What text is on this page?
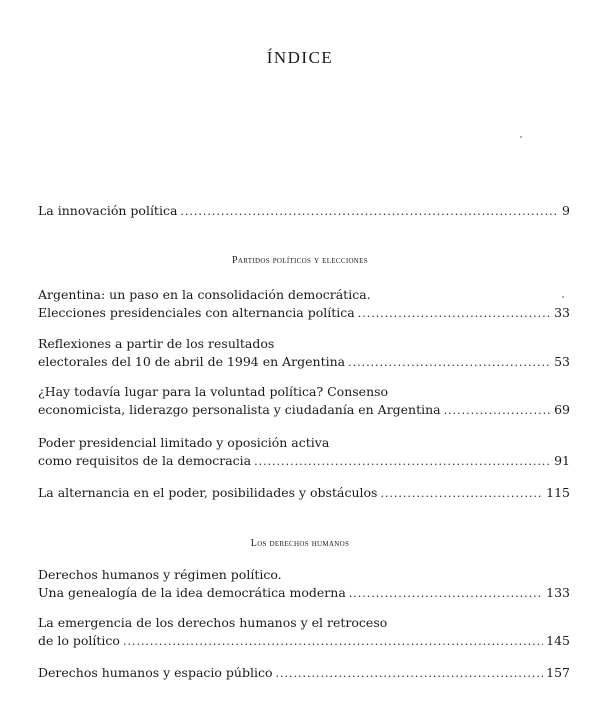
ÍNDICE
La innovación política .....	9
Partidos políticos y elecciones
Argentina: un paso en la consolidación democrática.
Elecciones presidenciales con alternancia política .....	33
Reflexiones a partir de los resultados
electorales del 10 de abril de 1994 en Argentina .....	53
¿Hay todavía lugar para la voluntad política? Consenso
economicista, liderazgo personalista y ciudadanía en Argentina .....	69
Poder presidencial limitado y oposición activa
como requisitos de la democracia .....	91
La alternancia en el poder, posibilidades y obstáculos .....	115
Los derechos humanos
Derechos humanos y régimen político.
Una genealogía de la idea democrática moderna .....	133
La emergencia de los derechos humanos y el retroceso
de lo político .....	145
Derechos humanos y espacio público .....	157
